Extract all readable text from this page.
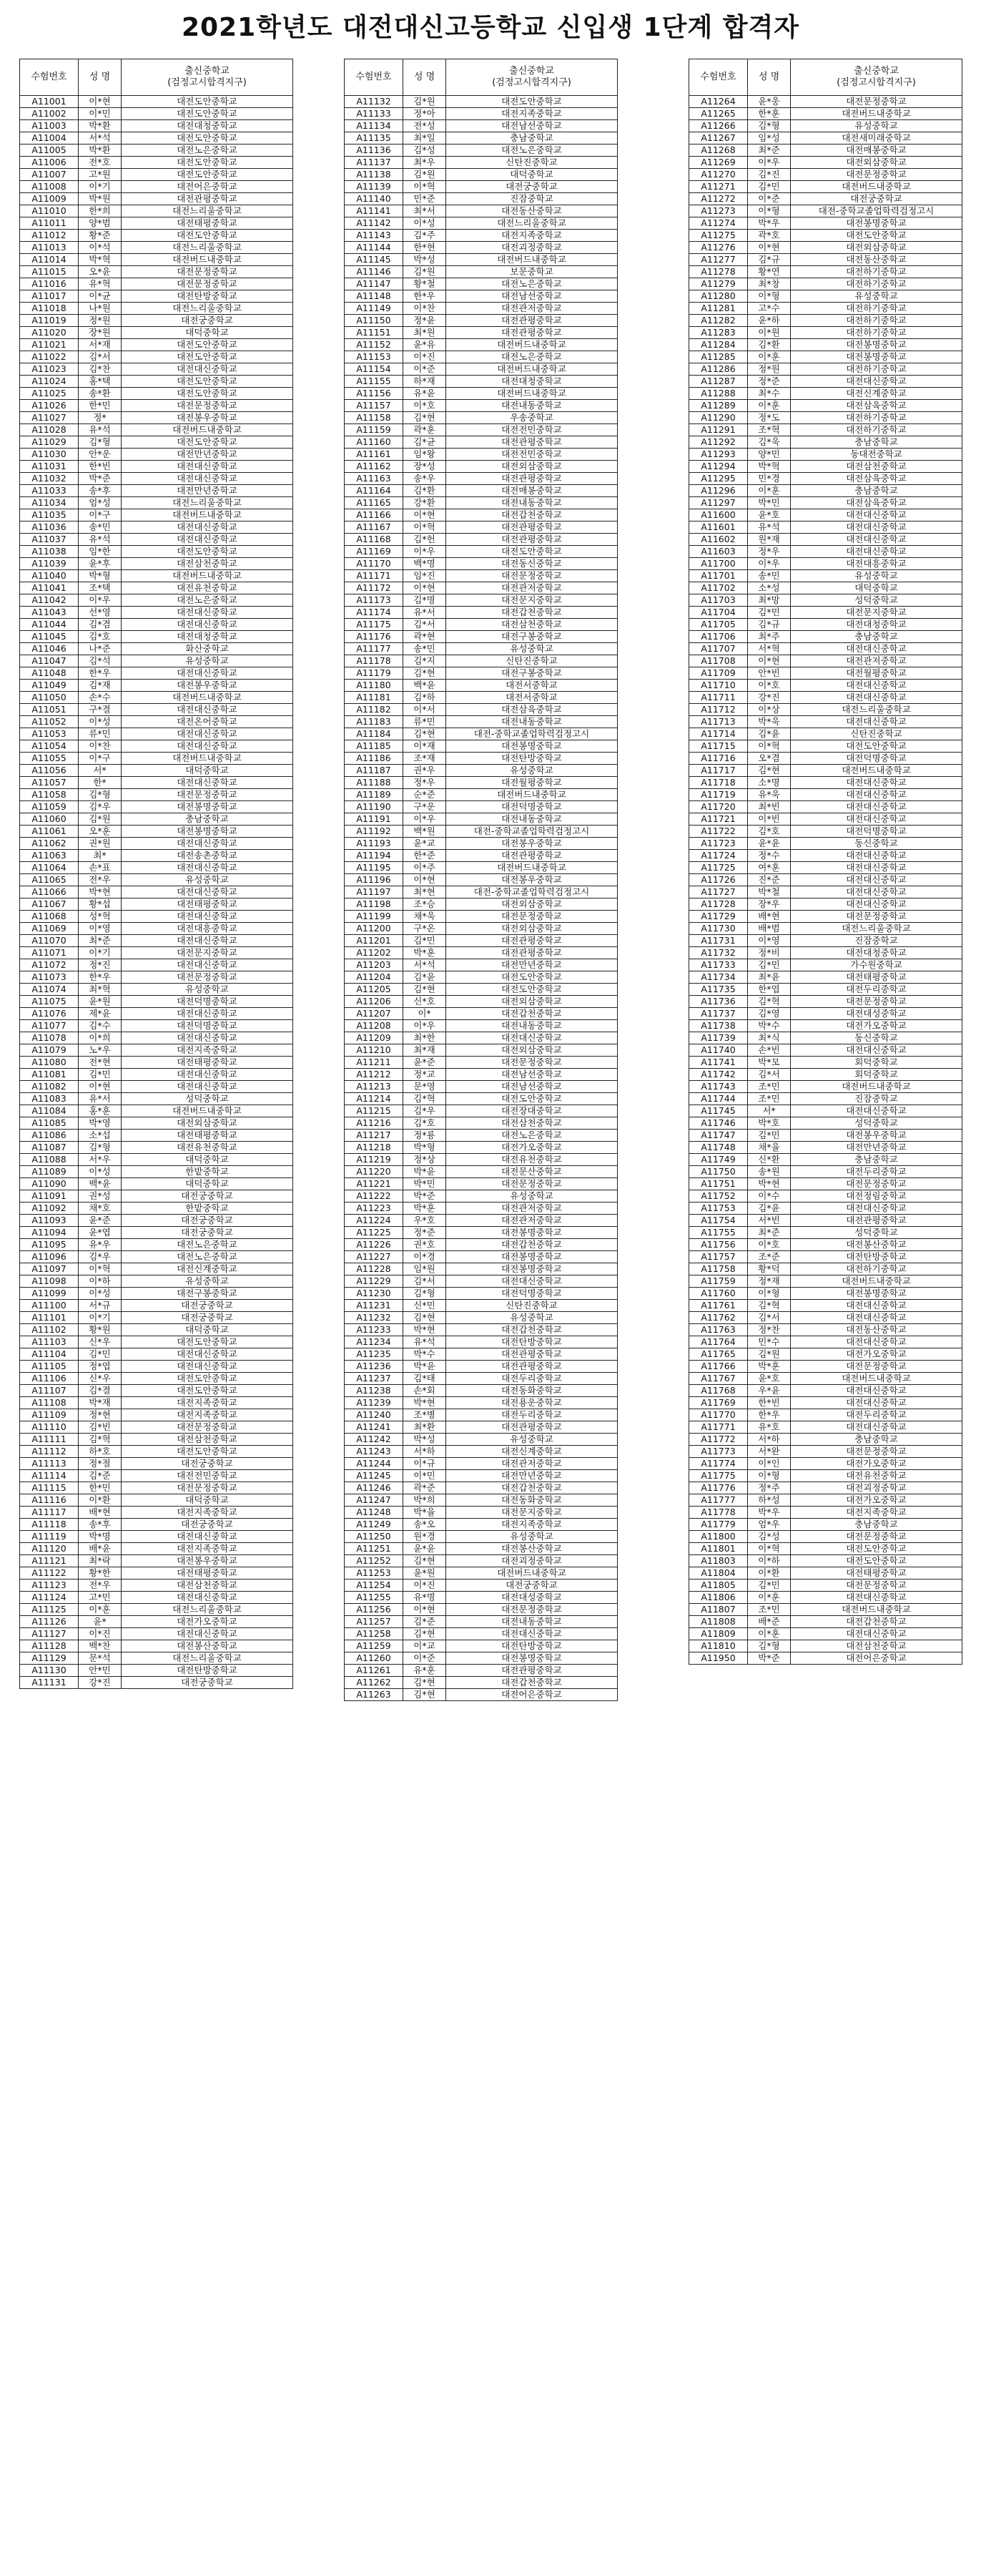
2021학년도 대전대신고등학교 신입생 1단계 합격자
수험번호	성 명	출신중학교
(검정고시합격지구)

A11001	이*현	대전도안중학교
A11002	이*민	대전도안중학교
A11003	박*환	대전대청중학교
A11004	서*석	대전도안중학교
A11005	박*환	대전노은중학교
A11006	전*호	대전도안중학교
A11007	고*원	대전도안중학교
A11008	이*기	대전어은중학교
A11009	박*원	대전관평중학교
A11010	한*희	대전느리울중학교
A11011	양*범	대전태평중학교
A11012	황*준	대전도안중학교
A11013	이*석	대전느리울중학교
A11014	박*혁	대전버드내중학교
A11015	오*윤	대전문정중학교
A11016	유*혁	대전문정중학교
A11017	이*균	대전탄방중학교
A11018	나*원	대전느리울중학교
A11019	정*원	대전궁중학교
A11020	장*원	대덕중학교
A11021	서*재	대전도안중학교
A11022	김*서	대전도안중학교
A11023	김*찬	대전대신중학교
A11024	홍*택	대전도안중학교
A11025	송*환	대전도안중학교
A11026	한*민	대전문정중학교
A11027	정*	대전봉우중학교
A11028	유*석	대전버드내중학교
A11029	김*형	대전도안중학교
A11030	안*운	대전만년중학교
A11031	한*빈	대전대신중학교
A11032	박*준	대전대신중학교
A11033	송*후	대전만년중학교
A11034	엄*성	대전느리울중학교
A11035	이*구	대전버드내중학교
A11036	송*민	대전대신중학교
A11037	유*석	대전대신중학교
A11038	임*한	대전도안중학교
A11039	윤*후	대전삼천중학교
A11040	박*형	대전버드내중학교
A11041	조*택	대전유천중학교
A11042	이*우	대전노은중학교
A11043	선*영	대전대신중학교
A11044	김*겸	대전대신중학교
A11045	김*호	대전대청중학교
A11046	나*준	화산중학교
A11047	김*석	유성중학교
A11048	한*우	대전대신중학교
A11049	김*재	대전봉우중학교
A11050	손*수	대전버드내중학교
A11051	구*결	대전대신중학교
A11052	이*성	대전온어중학교
A11053	류*민	대전대신중학교
A11054	이*찬	대전대신중학교
A11055	이*구	대전버드내중학교
A11056	서*	대덕중학교
A11057	한*	대전대신중학교
A11058	김*형	대전문정중학교
A11059	김*우	대전봉명중학교
A11060	김*원	충남중학교
A11061	오*훈	대전봉명중학교
A11062	권*원	대전대신중학교
A11063	최*	대전송촌중학교
A11064	손*표	대전대신중학교
A11065	전*우	유성중학교
A11066	박*현	대전대신중학교
A11067	황*섭	대전태평중학교
A11068	성*혁	대전대신중학교
A11069	이*영	대전대흥중학교
A11070	최*준	대전대신중학교
A11071	이*기	대전문지중학교
A11072	정*진	대전대신중학교
A11073	한*우	대전문정중학교
A11074	최*혁	유성중학교
A11075	윤*원	대전덕명중학교
A11076	제*윤	대전대신중학교
A11077	김*수	대전덕명중학교
A11078	이*희	대전대신중학교
A11079	노*우	대전지족중학교
A11080	전*현	대전태평중학교
A11081	김*민	대전대신중학교
A11082	이*현	대전대신중학교
A11083	유*서	성덕중학교
A11084	홍*훈	대전버드내중학교
A11085	박*영	대전외삼중학교
A11086	소*섭	대전태평중학교
A11087	김*형	대전유천중학교
A11088	서*우	대덕중학교
A11089	이*성	한밭중학교
A11090	백*윤	대덕중학교
A11091	권*성	대전궁중학교
A11092	채*호	한밭중학교
A11093	윤*준	대전궁중학교
A11094	윤*엽	대전궁중학교
A11095	유*우	대전노은중학교
A11096	김*우	대전노은중학교
A11097	이*혁	대전신계중학교
A11098	이*하	유성중학교
A11099	이*성	대전구봉중학교
A11100	서*규	대전궁중학교
A11101	이*기	대전궁중학교
A11102	황*원	대덕중학교
A11103	신*우	대전도안중학교
A11104	김*민	대전대신중학교
A11105	정*엽	대전대신중학교
A11106	신*우	대전도안중학교
A11107	김*결	대전도안중학교
A11108	박*재	대전지족중학교
A11109	정*현	대전지족중학교
A11110	김*빈	대전문정중학교
A11111	김*혁	대전삼천중학교
A11112	하*호	대전도안중학교
A11113	정*절	대전궁중학교
A11114	김*준	대전전민중학교
A11115	한*민	대전문정중학교
A11116	이*환	대덕중학교
A11117	배*현	대전지족중학교
A11118	송*후	대전궁중학교
A11119	박*명	대전대신중학교
A11120	배*윤	대전지족중학교
A11121	최*락	대전봉우중학교
A11122	황*한	대전태평중학교
A11123	전*우	대전삼천중학교
A11124	고*민	대전대신중학교
A11125	이*훈	대전느리울중학교
A11126	윤*	대전가오중학교
A11127	이*진	대전대신중학교
A11128	백*찬	대전봉산중학교
A11129	문*석	대전느리울중학교
A11130	안*민	대전탄방중학교
A11131	강*진	대전궁중학교
수험번호	성 명	출신중학교
(검정고시합격지구)

A11132	김*원	대전도안중학교
A11133	정*아	대전지족중학교
A11134	전*성	대전남선중학교
A11135	최*일	충남중학교
A11136	김*성	대전노은중학교
A11137	최*우	신탄진중학교
A11138	김*원	대덕중학교
A11139	이*혁	대전궁중학교
A11140	민*준	진잠중학교
A11141	최*서	대전동산중학교
A11142	이*성	대전느리울중학교
A11143	김*주	대전지족중학교
A11144	한*현	대전괴정중학교
A11145	박*성	대전버드내중학교
A11146	김*원	보문중학교
A11147	황*철	대전노은중학교
A11148	한*우	대전남선중학교
A11149	이*찬	대전관저중학교
A11150	정*윤	대전관평중학교
A11151	최*원	대전관평중학교
A11152	윤*유	대전버드내중학교
A11153	이*진	대전노은중학교
A11154	이*준	대전버드내중학교
A11155	하*재	대전대청중학교
A11156	유*윤	대전버드내중학교
A11157	이*호	대전내동중학교
A11158	김*현	우송중학교
A11159	곽*훈	대전전민중학교
A11160	김*균	대전관평중학교
A11161	임*왕	대전전민중학교
A11162	장*성	대전외삼중학교
A11163	송*우	대전관평중학교
A11164	김*환	대전매봉중학교
A11165	강*환	대전내동중학교
A11166	이*현	대전갑천중학교
A11167	이*혁	대전관평중학교
A11168	김*헌	대전관평중학교
A11169	이*우	대전도안중학교
A11170	백*명	대전동신중학교
A11171	임*진	대전문정중학교
A11172	이*현	대전관저중학교
A11173	김*명	대전문지중학교
A11174	유*서	대전갑천중학교
A11175	김*서	대전삼천중학교
A11176	곽*현	대전구봉중학교
A11177	송*민	유성중학교
A11178	김*지	신탄진중학교
A11179	김*현	대전구봉중학교
A11180	백*윤	대전서중학교
A11181	김*하	대전서중학교
A11182	이*서	대전삼육중학교
A11183	류*민	대전내동중학교
A11184	김*현	대전-중학교졸업학력검정고시
A11185	이*재	대전봉명중학교
A11186	조*재	대전탄방중학교
A11187	권*우	유성중학교
A11188	정*우	대전월평중학교
A11189	순*준	대전버드내중학교
A11190	구*운	대전덕명중학교
A11191	이*우	대전내동중학교
A11192	백*원	대전-중학교졸업학력검정고시
A11193	윤*교	대전봉우중학교
A11194	한*준	대전관평중학교
A11195	이*주	대전버드내중학교
A11196	이*현	대전봉우중학교
A11197	최*현	대전-중학교졸업학력검정고시
A11198	조*승	대전외삼중학교
A11199	채*욱	대전문정중학교
A11200	구*온	대전외삼중학교
A11201	김*민	대전관평중학교
A11202	박*훈	대전관평중학교
A11203	서*석	대전만년중학교
A11204	김*윤	대전도안중학교
A11205	김*현	대전도안중학교
A11206	신*호	대전외삼중학교
A11207	이*	대전갑천중학교
A11208	이*우	대전내동중학교
A11209	최*한	대전대신중학교
A11210	최*재	대전외삼중학교
A11211	윤*준	대전문정중학교
A11212	정*교	대전남선중학교
A11213	문*영	대전남선중학교
A11214	김*혁	대전도안중학교
A11215	김*우	대전장대중학교
A11216	김*호	대전삼천중학교
A11217	정*룡	대전노은중학교
A11218	박*형	대전가오중학교
A11219	정*상	대전유천중학교
A11220	박*윤	대전문산중학교
A11221	박*민	대전문정중학교
A11222	박*준	유성중학교
A11223	박*훈	대전관저중학교
A11224	우*호	대전관저중학교
A11225	정*준	대전봉명중학교
A11226	권*호	대전갑천중학교
A11227	이*경	대전봉명중학교
A11228	임*원	대전봉명중학교
A11229	김*서	대전대신중학교
A11230	김*형	대전덕명중학교
A11231	신*민	신탄진중학교
A11232	김*현	유성중학교
A11233	박*현	대전갑천중학교
A11234	유*석	대전탄방중학교
A11235	박*수	대전관평중학교
A11236	박*윤	대전관평중학교
A11237	김*태	대전두리중학교
A11238	손*회	대전동화중학교
A11239	박*현	대전용운중학교
A11240	조*병	대전두리중학교
A11241	최*환	대전관평중학교
A11242	박*성	유성중학교
A11243	서*하	대전신계중학교
A11244	이*규	대전관저중학교
A11245	이*민	대전만년중학교
A11246	곽*준	대전갑천중학교
A11247	박*희	대전동화중학교
A11248	박*율	대전문지중학교
A11249	송*오	대전지족중학교
A11250	원*경	유성중학교
A11251	윤*윤	대전봉산중학교
A11252	김*현	대전괴정중학교
A11253	윤*원	대전버드내중학교
A11254	이*진	대전궁중학교
A11255	유*명	대전대성중학교
A11256	이*현	대전문정중학교
A11257	김*준	대전내동중학교
A11258	김*현	대전대신중학교
A11259	이*교	대전탄방중학교
A11260	이*준	대전봉명중학교
A11261	유*훈	대전관평중학교
A11262	김*현	대전갑천중학교
A11263	김*현	대전어은중학교
수험번호	성 명	출신중학교
(검정고시합격지구)

A11264	윤*웅	대전문정중학교
A11265	한*훈	대전버드내중학교
A11266	김*형	유성중학교
A11267	임*성	대전새미래중학교
A11268	최*준	대전매봉중학교
A11269	이*우	대전외삼중학교
A11270	김*진	대전문정중학교
A11271	김*민	대전버드내중학교
A11272	이*준	대전궁중학교
A11273	이*형	대전-중학교졸업학력검정고시
A11274	박*우	대전봉명중학교
A11275	곽*호	대전도안중학교
A11276	이*현	대전외삼중학교
A11277	김*규	대전동산중학교
A11278	황*연	대전하기중학교
A11279	최*창	대전하기중학교
A11280	이*형	유성중학교
A11281	고*수	대전하기중학교
A11282	윤*하	대전하기중학교
A11283	이*원	대전하기중학교
A11284	김*환	대전봉명중학교
A11285	이*훈	대전봉명중학교
A11286	정*원	대전하기중학교
A11287	정*준	대전대신중학교
A11288	최*수	대전신계중학교
A11289	이*훈	대전삼육중학교
A11290	정*도	대전하기중학교
A11291	조*혁	대전하기중학교
A11292	김*욱	충남중학교
A11293	양*민	동대전중학교
A11294	박*혁	대전삼천중학교
A11295	민*경	대전삼육중학교
A11296	이*훈	충남중학교
A11297	박*민	대전삼육중학교
A11600	윤*호	대전대신중학교
A11601	유*석	대전대신중학교
A11602	원*재	대전대신중학교
A11603	정*우	대전대신중학교
A11700	이*우	대전대흥중학교
A11701	송*민	유성중학교
A11702	소*성	대덕중학교
A11703	최*망	성덕중학교
A11704	김*민	대전문지중학교
A11705	김*규	대전대청중학교
A11706	최*주	충남중학교
A11707	서*혁	대전대신중학교
A11708	이*현	대전관저중학교
A11709	안*빈	대전월평중학교
A11710	이*호	대전대신중학교
A11711	강*진	대전대신중학교
A11712	이*상	대전느리울중학교
A11713	박*욱	대전대신중학교
A11714	김*윤	신탄진중학교
A11715	이*혁	대전도안중학교
A11716	오*겸	대전덕명중학교
A11717	김*현	대전버드내중학교
A11718	소*명	대전대신중학교
A11719	유*욱	대전대신중학교
A11720	최*빈	대전대신중학교
A11721	이*빈	대전대신중학교
A11722	김*호	대전덕명중학교
A11723	윤*윤	동신중학교
A11724	정*수	대전대신중학교
A11725	여*훈	대전대신중학교
A11726	진*준	대전대신중학교
A11727	박*철	대전대신중학교
A11728	장*우	대전대신중학교
A11729	배*현	대전문정중학교
A11730	배*범	대전느리울중학교
A11731	이*영	진잠중학교
A11732	정*비	대전대청중학교
A11733	김*민	가수원중학교
A11734	최*윤	대전태평중학교
A11735	한*엽	대전두리중학교
A11736	김*혁	대전문정중학교
A11737	김*영	대전대성중학교
A11738	박*수	대전가오중학교
A11739	최*식	동신중학교
A11740	손*빈	대전대신중학교
A11741	박*모	회덕중학교
A11742	김*서	회덕중학교
A11743	조*민	대전버드내중학교
A11744	조*민	진잠중학교
A11745	서*	대전대신중학교
A11746	박*호	성덕중학교
A11747	김*민	대전봉우중학교
A11748	채*율	대전만년중학교
A11749	신*환	충남중학교
A11750	송*원	대전두리중학교
A11751	박*현	대전문정중학교
A11752	이*수	대전정림중학교
A11753	김*윤	대전대신중학교
A11754	서*빈	대전관평중학교
A11755	최*준	성덕중학교
A11756	이*호	대전봉산중학교
A11757	조*준	대전탄방중학교
A11758	황*덕	대전하기중학교
A11759	정*재	대전버드내중학교
A11760	이*형	대전봉명중학교
A11761	김*혁	대전대신중학교
A11762	김*서	대전대신중학교
A11763	정*찬	대전동산중학교
A11764	민*수	대전대신중학교
A11765	김*원	대전가오중학교
A11766	박*훈	대전문정중학교
A11767	윤*호	대전버드내중학교
A11768	우*윤	대전대신중학교
A11769	한*빈	대전대신중학교
A11770	한*우	대전두리중학교
A11771	유*호	대전대신중학교
A11772	서*하	충남중학교
A11773	서*완	대전문정중학교
A11774	이*인	대전가오중학교
A11775	이*형	대전유천중학교
A11776	정*주	대전괴정중학교
A11777	하*성	대전가오중학교
A11778	박*우	대전지족중학교
A11779	엄*우	충남중학교
A11800	김*성	대전문정중학교
A11801	이*혁	대전도안중학교
A11803	이*하	대전도안중학교
A11804	이*환	대전태평중학교
A11805	김*민	대전문정중학교
A11806	이*훈	대전대신중학교
A11807	조*민	대전버드내중학교
A11808	배*준	대전갑천중학교
A11809	이*훈	대전대신중학교
A11810	김*형	대전삼천중학교
A11950	박*준	대전어은중학교
